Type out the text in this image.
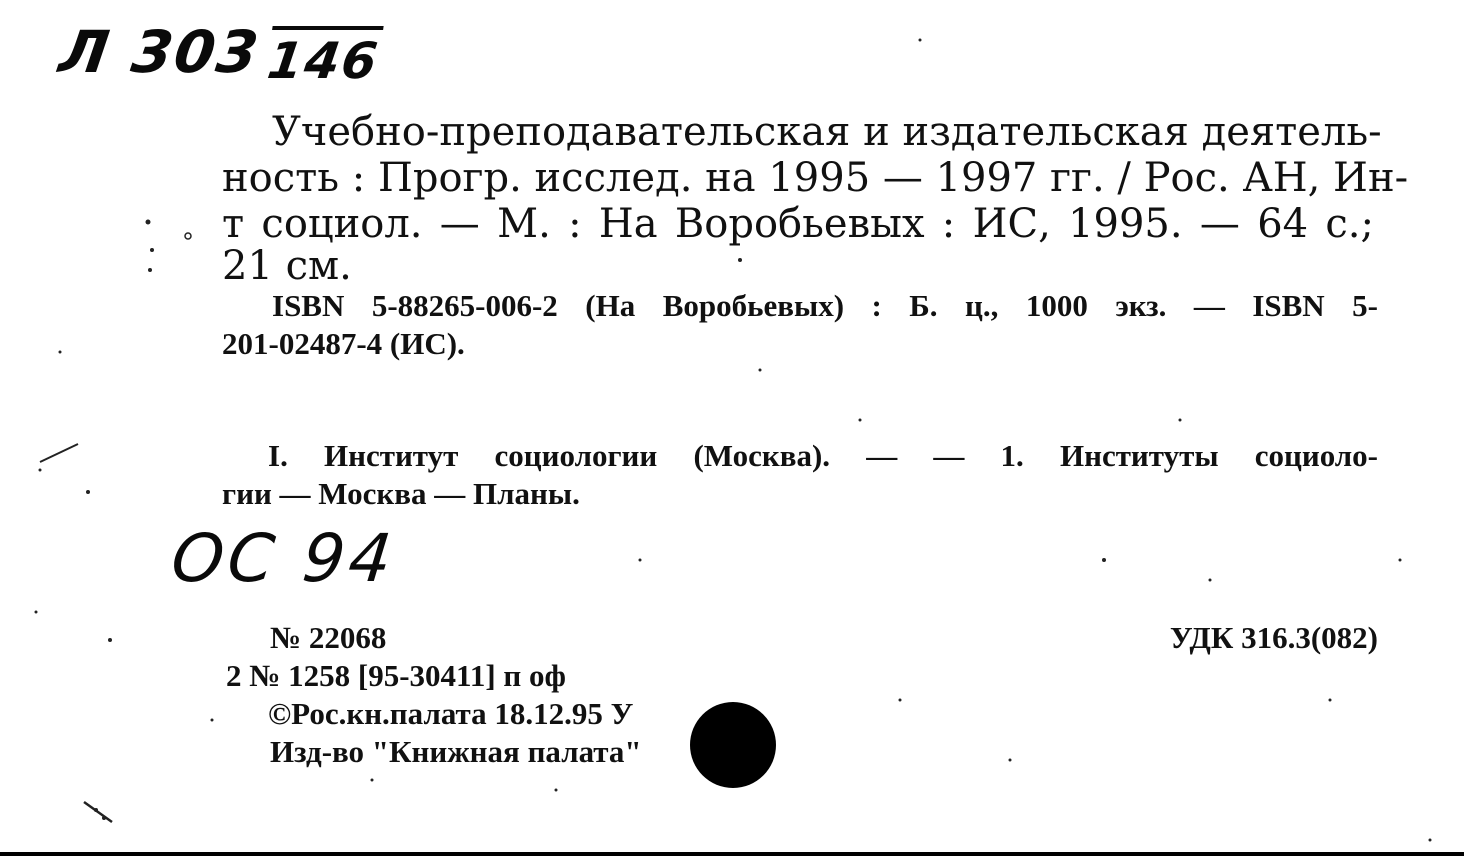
Л 303146
Учебно-преподавательская и издательская деятель-
ность : Прогр. исслед. на 1995 — 1997 гг. / Рос. АН, Ин-
т социол. — М. : На Воробьевых : ИС, 1995. — 64 с.;
21 см.
ISBN 5-88265-006-2 (На Воробьевых) : Б. ц., 1000 экз. — ISBN 5-
201-02487-4 (ИС).
I. Институт социологии (Москва). — — 1. Институты социоло-
гии — Москва — Планы.
ОС 94
№ 22068	УДК 316.3(082)
2 № 1258 [95-30411] п оф
©Рос.кн.палата 18.12.95 У
Изд-во "Книжная палата"
